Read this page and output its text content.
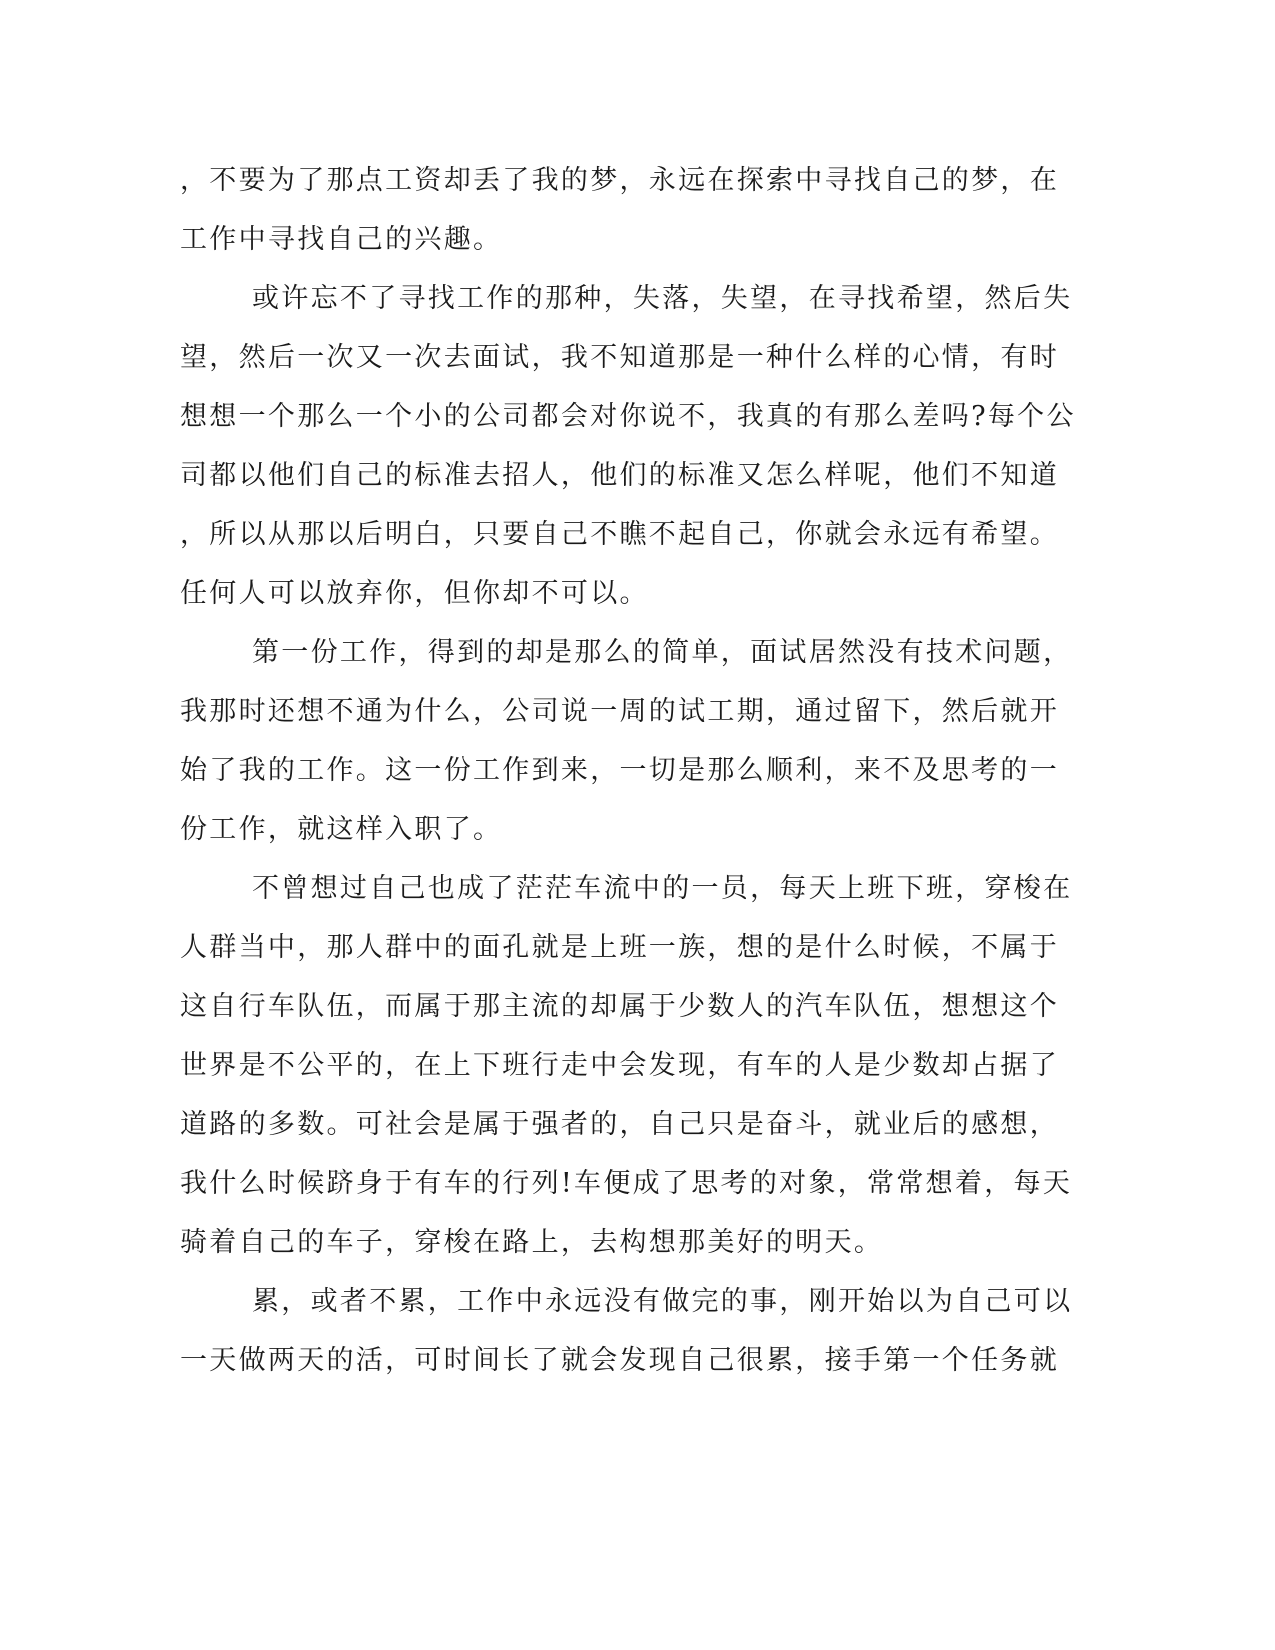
，不要为了那点工资却丢了我的梦，永远在探索中寻找自己的梦，在
工作中寻找自己的兴趣。
或许忘不了寻找工作的那种，失落，失望，在寻找希望，然后失
望，然后一次又一次去面试，我不知道那是一种什么样的心情，有时
想想一个那么一个小的公司都会对你说不，我真的有那么差吗?每个公
司都以他们自己的标准去招人，他们的标准又怎么样呢，他们不知道
，所以从那以后明白，只要自己不瞧不起自己，你就会永远有希望。
任何人可以放弃你，但你却不可以。
第一份工作，得到的却是那么的简单，面试居然没有技术问题，
我那时还想不通为什么，公司说一周的试工期，通过留下，然后就开
始了我的工作。这一份工作到来，一切是那么顺利，来不及思考的一
份工作，就这样入职了。
不曾想过自己也成了茫茫车流中的一员，每天上班下班，穿梭在
人群当中，那人群中的面孔就是上班一族，想的是什么时候，不属于
这自行车队伍，而属于那主流的却属于少数人的汽车队伍，想想这个
世界是不公平的，在上下班行走中会发现，有车的人是少数却占据了
道路的多数。可社会是属于强者的，自己只是奋斗，就业后的感想，
我什么时候跻身于有车的行列!车便成了思考的对象，常常想着，每天
骑着自己的车子，穿梭在路上，去构想那美好的明天。
累，或者不累，工作中永远没有做完的事，刚开始以为自己可以
一天做两天的活，可时间长了就会发现自己很累，接手第一个任务就
